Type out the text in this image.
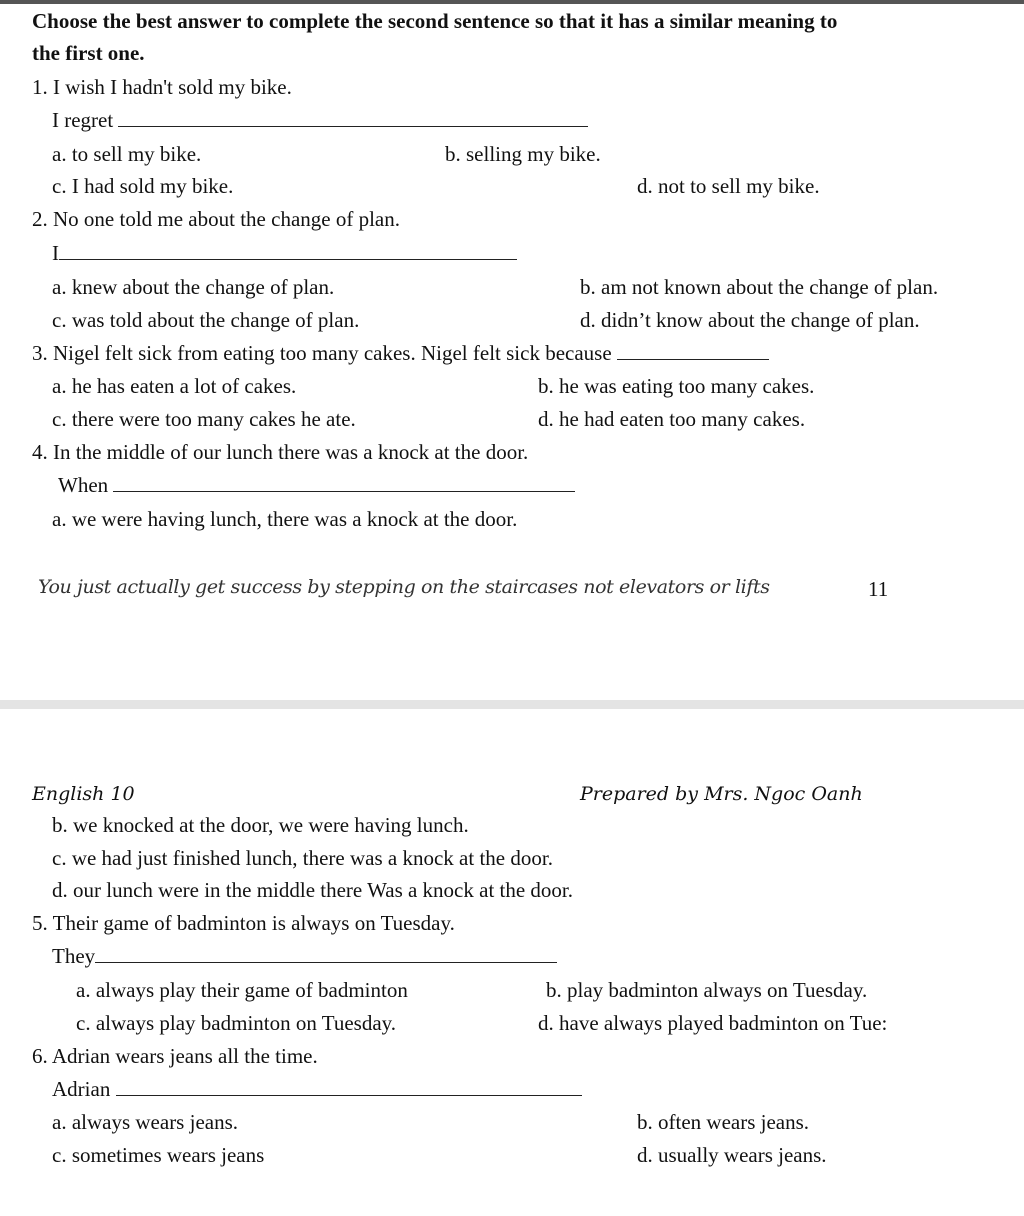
Choose the best answer to complete the second sentence so that it has a similar meaning to
the first one.
1. I wish I hadn't sold my bike.
I regret
a. to sell my bike.	b. selling my bike.
c. I had sold my bike.	d. not to sell my bike.
2. No one told me about the change of plan.
I
a. knew about the change of plan.	b. am not known about the change of plan.
c. was told about the change of plan.	d. didn’t know about the change of plan.
3. Nigel felt sick from eating too many cakes. Nigel felt sick because
a. he has eaten a lot of cakes.	b. he was eating too many cakes.
c. there were too many cakes he ate.	d. he had eaten too many cakes.
4. In the middle of our lunch there was a knock at the door.
When
a. we were having lunch, there was a knock at the door.
You just actually get success by stepping on the staircases not elevators or lifts	11
English 10	Prepared by Mrs. Ngoc Oanh
b. we knocked at the door, we were having lunch.
c. we had just finished lunch, there was a knock at the door.
d. our lunch were in the middle there Was a knock at the door.
5. Their game of badminton is always on Tuesday.
They
a. always play their game of badminton	b. play badminton always on Tuesday.
c. always play badminton on Tuesday.	d. have always played badminton on Tue:
6. Adrian wears jeans all the time.
Adrian
a. always wears jeans.	b. often wears jeans.
c. sometimes wears jeans	d. usually wears jeans.
